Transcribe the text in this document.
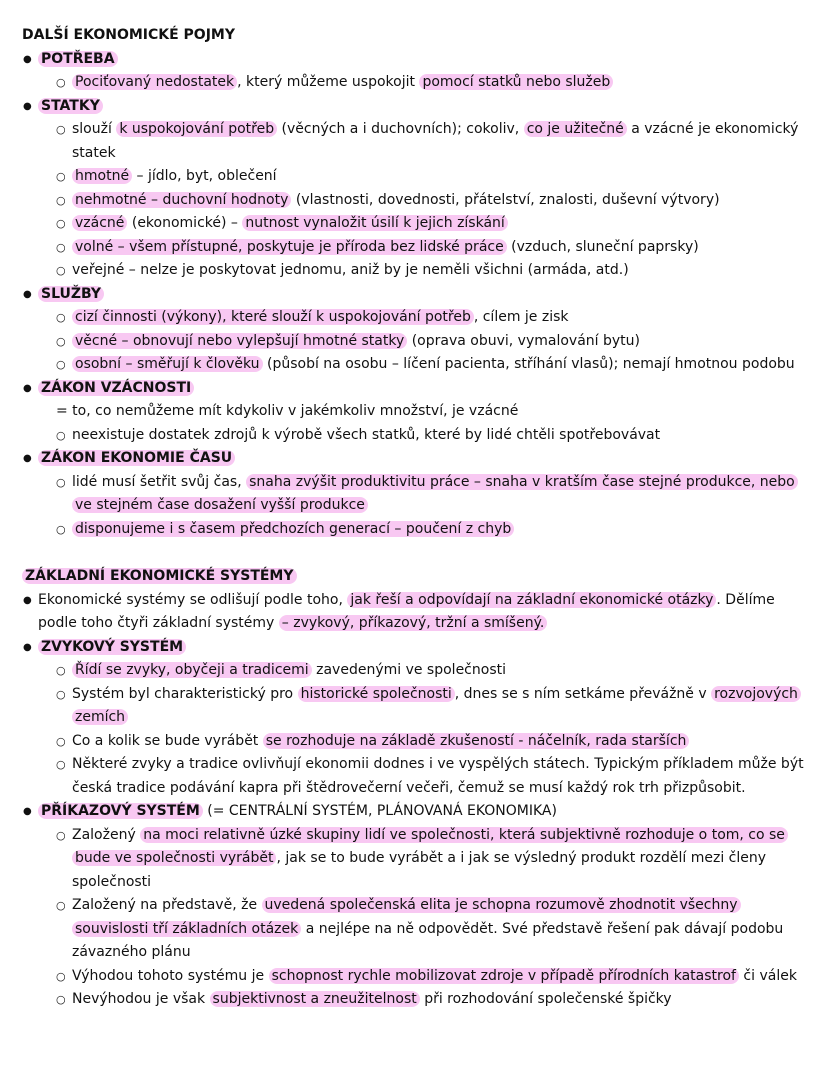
DALŠÍ EKONOMICKÉ POJMY
● POTŘEBA
○ Pociťovaný nedostatek , který můžeme uspokojit pomocí statků nebo služeb
● STATKY
○ slouží k uspokojování potřeb (věcných a i duchovních); cokoliv, co je užitečné a vzácné je ekonomický statek
○ hmotné – jídlo, byt, oblečení
○ nehmotné – duchovní hodnoty (vlastnosti, dovednosti, přátelství, znalosti, duševní výtvory)
○ vzácné (ekonomické) – nutnost vynaložit úsilí k jejich získání
○ volné – všem přístupné, poskytuje je příroda bez lidské práce (vzduch, sluneční paprsky)
○ veřejné – nelze je poskytovat jednomu, aniž by je neměli všichni (armáda, atd.)
● SLUŽBY
○ cizí činnosti (výkony), které slouží k uspokojování potřeb , cílem je zisk
○ věcné – obnovují nebo vylepšují hmotné statky (oprava obuvi, vymalování bytu)
○ osobní – směřují k člověku (působí na osobu – líčení pacienta, stříhání vlasů); nemají hmotnou podobu
● ZÁKON VZÁCNOSTI
= to, co nemůžeme mít kdykoliv v jakémkoliv množství, je vzácné
○ neexistuje dostatek zdrojů k výrobě všech statků, které by lidé chtěli spotřebovávat
● ZÁKON EKONOMIE ČASU
○ lidé musí šetřit svůj čas, snaha zvýšit produktivitu práce – snaha v kratším čase stejné produkce, nebo ve stejném čase dosažení vyšší produkce
○ disponujeme i s časem předchozích generací – poučení z chyb
ZÁKLADNÍ EKONOMICKÉ SYSTÉMY
● Ekonomické systémy se odlišují podle toho, jak řeší a odpovídají na základní ekonomické otázky . Dělíme podle toho čtyři základní systémy – zvykový, příkazový, tržní a smíšený.
● ZVYKOVÝ SYSTÉM
○ Řídí se zvyky, obyčeji a tradicemi zavedenými ve společnosti
○ Systém byl charakteristický pro historické společnosti , dnes se s ním setkáme převážně v rozvojových zemích
○ Co a kolik se bude vyrábět se rozhoduje na základě zkušeností - náčelník, rada starších
○ Některé zvyky a tradice ovlivňují ekonomii dodnes i ve vyspělých státech. Typickým příkladem může být česká tradice podávání kapra při štědrovečerní večeři, čemuž se musí každý rok trh přizpůsobit.
● PŘÍKAZOVÝ SYSTÉM (= CENTRÁLNÍ SYSTÉM, PLÁNOVANÁ EKONOMIKA)
○ Založený na moci relativně úzké skupiny lidí ve společnosti, která subjektivně rozhoduje o tom, co se bude ve společnosti vyrábět , jak se to bude vyrábět a i jak se výsledný produkt rozdělí mezi členy společnosti
○ Založený na představě, že uvedená společenská elita je schopna rozumově zhodnotit všechny souvislosti tří základních otázek a nejlépe na ně odpovědět. Své představě řešení pak dávají podobu závazného plánu
○ Výhodou tohoto systému je schopnost rychle mobilizovat zdroje v případě přírodních katastrof či válek
○ Nevýhodou je však subjektivnost a zneužitelnost při rozhodování společenské špičky
